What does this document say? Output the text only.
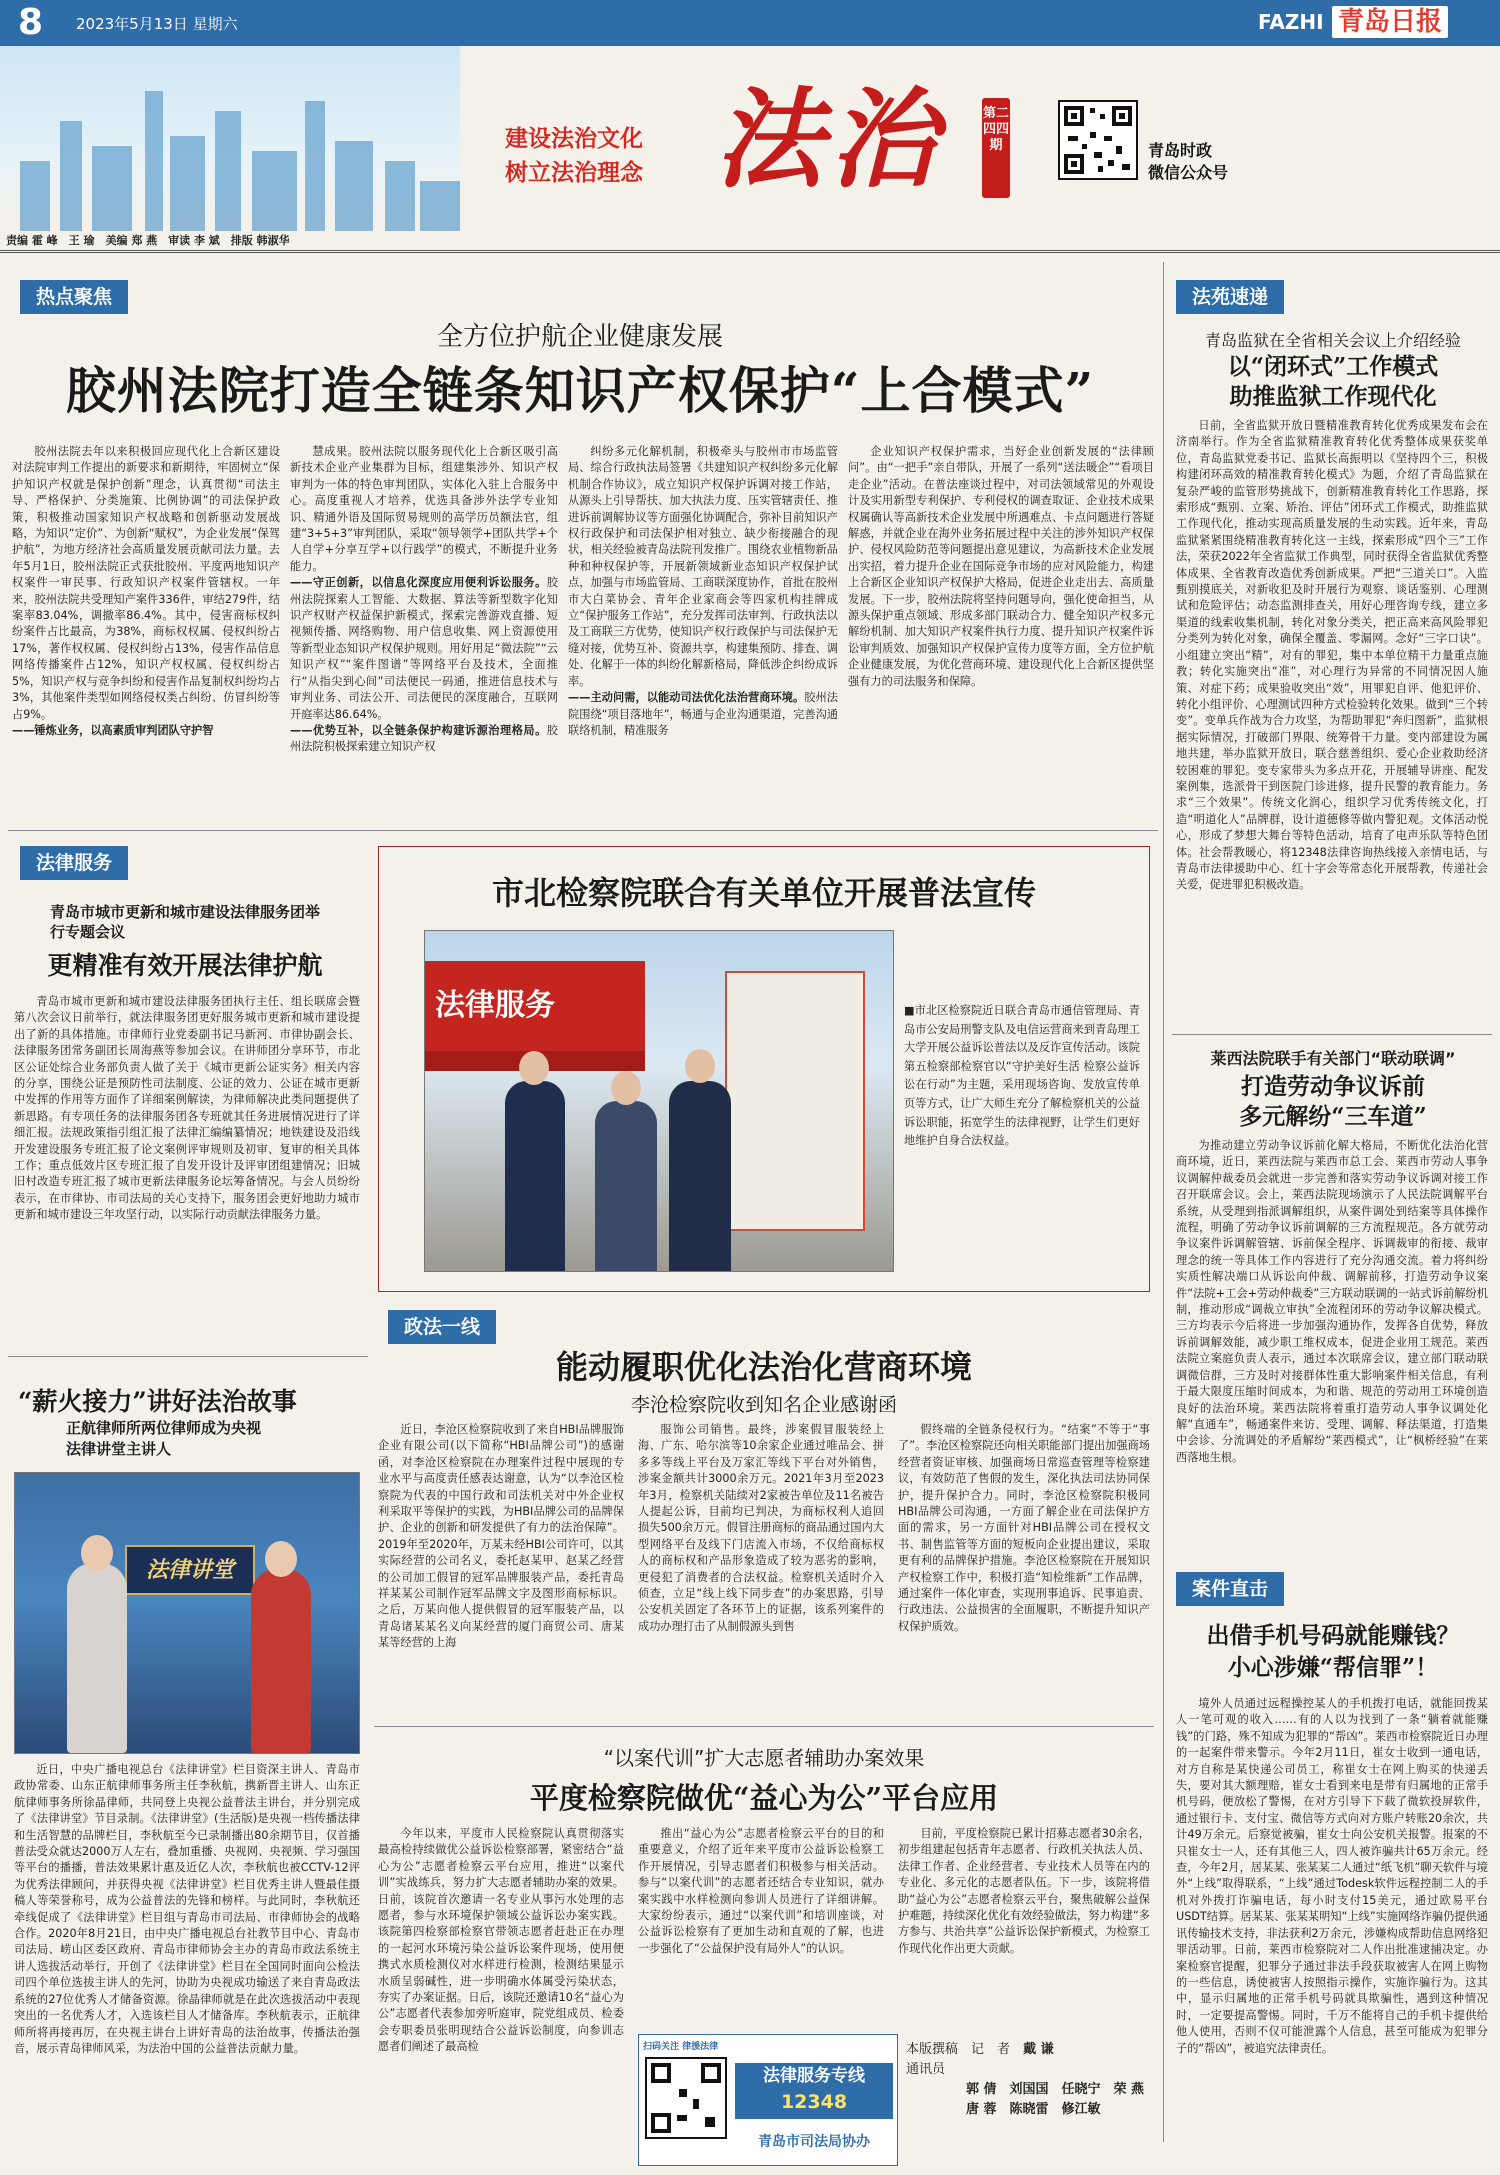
8 2023年5月13日 星期六	FAZHI 青岛日报
建设法治文化
树立法治理念 法治	第二四四期	青岛时政
微信公众号
责编 霍 峰　王 瑜　美编 郑 燕　审读 李 斌　排版 韩淑华
热点聚焦
全方位护航企业健康发展
胶州法院打造全链条知识产权保护“上合模式”
胶州法院去年以来积极回应现代化上合新区建设对法院审判工作提出的新要求和新期待，牢固树立“保护知识产权就是保护创新”理念，认真贯彻“司法主导、严格保护、分类施策、比例协调”的司法保护政策，积极推动国家知识产权战略和创新驱动发展战略，为知识“定价”、为创新“赋权”，为企业发展“保驾护航”，为地方经济社会高质量发展贡献司法力量。去年5月1日，胶州法院正式获批胶州、平度两地知识产权案件一审民事、行政知识产权案件管辖权。一年来，胶州法院共受理知产案件336件，审结279件，结案率83.04%，调撤率86.4%。其中，侵害商标权纠纷案件占比最高，为38%，商标权权属、侵权纠纷占17%，著作权权属、侵权纠纷占13%，侵害作品信息网络传播案件占12%，知识产权权属、侵权纠纷占5%，知识产权与竞争纠纷和侵害作品复制权纠纷均占3%，其他案件类型如网络侵权类占纠纷、仿冒纠纷等占9%。
——锤炼业务，以高素质审判团队守护智
慧成果。胶州法院以服务现代化上合新区吸引高新技术企业产业集群为目标，组建集涉外、知识产权审判为一体的特色审判团队，实体化入驻上合服务中心。高度重视人才培养，优选具备涉外法学专业知识、精通外语及国际贸易规则的高学历员额法官，组建“3+5+3”审判团队，采取“领导领学+团队共学+个人自学+分享互学+以行践学”的模式，不断提升业务能力。
——守正创新，以信息化深度应用便利诉讼服务。胶州法院探索人工智能、大数据、算法等新型数字化知识产权财产权益保护新模式，探索完善游戏直播、短视频传播、网络购物、用户信息收集、网上资源使用等新型业态知识产权保护规则。用好用足“微法院”“云知识产权”“案件图谱”等网络平台及技术，全面推行“从指尖到心间”司法便民一码通，推进信息技术与审判业务、司法公开、司法便民的深度融合，互联网开庭率达86.64%。
——优势互补，以全链条保护构建诉源治理格局。胶州法院积极探索建立知识产权
纠纷多元化解机制，积极牵头与胶州市市场监管局、综合行政执法局签署《共建知识产权纠纷多元化解机制合作协议》，成立知识产权保护诉调对接工作站，从源头上引导帮扶、加大执法力度、压实管辖责任、推进诉前调解协议等方面强化协调配合，弥补目前知识产权行政保护和司法保护相对独立、缺少衔接融合的现状，相关经验被青岛法院刊发推广。围绕农业植物新品种和种权保护等，开展新领域新业态知识产权保护试点，加强与市场监管局、工商联深度协作，首批在胶州市大白菜协会、青年企业家商会等四家机构挂牌成立“保护服务工作站”，充分发挥司法审判、行政执法以及工商联三方优势，使知识产权行政保护与司法保护无缝对接，优势互补、资源共享，构建集预防、排查、调处、化解于一体的纠纷化解新格局，降低涉企纠纷成诉率。
——主动问需，以能动司法优化法治营商环境。胶州法院围绕“项目落地年”，畅通与企业沟通渠道，完善沟通联络机制，精准服务
企业知识产权保护需求，当好企业创新发展的“法律顾问”。由“一把手”亲自带队，开展了一系列“送法暖企”“看项目 走企业”活动。在普法座谈过程中，对司法领域常见的外观设计及实用新型专利保护、专利侵权的调查取证、企业技术成果权属确认等高新技术企业发展中所遇难点、卡点问题进行答疑解惑，并就企业在海外业务拓展过程中关注的涉外知识产权保护、侵权风险防范等问题提出意见建议，为高新技术企业发展出实招，着力提升企业在国际竞争市场的应对风险能力，构建上合新区企业知识产权保护大格局，促进企业走出去、高质量发展。下一步，胶州法院将坚持问题导向，强化使命担当，从源头保护重点领域、形成多部门联动合力、健全知识产权多元解纷机制、加大知识产权案件执行力度、提升知识产权案件诉讼审判质效、加强知识产权保护宣传力度等方面，全方位护航企业健康发展，为优化营商环境、建设现代化上合新区提供坚强有力的司法服务和保障。
法苑速递
青岛监狱在全省相关会议上介绍经验
以“闭环式”工作模式
助推监狱工作现代化
日前，全省监狱开放日暨精准教育转化优秀成果发布会在济南举行。作为全省监狱精准教育转化优秀整体成果获奖单位，青岛监狱党委书记、监狱长高振明以《坚持四个三，积极构建闭环高效的精准教育转化模式》为题，介绍了青岛监狱在复杂严峻的监管形势挑战下，创新精准教育转化工作思路，探索形成“甄别、立案、矫治、评估”闭环式工作模式，助推监狱工作现代化，推动实现高质量发展的生动实践。近年来，青岛监狱紧紧围绕精准教育转化这一主线，探索形成“四个三”工作法，荣获2022年全省监狱工作典型，同时获得全省监狱优秀整体成果、全省教育改造优秀创新成果。严把“三道关口”。入监甄别摸底关，对新收犯及时开展行为观察、谈话鉴别、心理测试和危险评估；动态监测排查关，用好心理咨询专线，建立多渠道的线索收集机制，转化对象分类关，把正高来高风险罪犯分类列为转化对象，确保全覆盖、零漏网。念好“三字口诀”。小组建立突出“精”，对有的罪犯，集中本单位精干力量重点施教；转化实施突出“准”，对心理行为异常的不同情况因人施策、对症下药；成果验收突出“效”，用罪犯自评、他犯评价、转化小组评价、心理测试四种方式检验转化效果。做到“三个转变”。变单兵作战为合力攻坚，为帮助罪犯“奔归图新”，监狱根据实际情况，打破部门界限、统筹骨干力量。变内部建设为属地共建，举办监狱开放日，联合慈善组织、爱心企业救助经济较困难的罪犯。变专家带头为多点开花，开展辅导讲座、配发案例集，选派骨干到医院门诊进修，提升民警的教育能力。务求“三个效果”。传统文化润心，组织学习优秀传统文化，打造“明道化人”品牌群，设计道德修等做内警犯观。文体活动悦心，形成了梦想大舞台等特色活动，培育了电声乐队等特色团体。社会帮教暖心，将12348法律咨询热线接入亲情电话，与青岛市法律援助中心、红十字会等常态化开展帮教，传递社会关爱，促进罪犯积极改造。
莱西法院联手有关部门“联动联调”
打造劳动争议诉前
多元解纷“三车道”
为推动建立劳动争议诉前化解大格局，不断优化法治化营商环境，近日，莱西法院与莱西市总工会、莱西市劳动人事争议调解仲裁委员会就进一步完善和落实劳动争议诉调对接工作召开联席会议。会上，莱西法院现场演示了人民法院调解平台系统，从受理到指派调解组织，从案件调处到结案等具体操作流程，明确了劳动争议诉前调解的三方流程规范。各方就劳动争议案件诉调解管辖、诉前保全程序、诉调裁审的衔接、裁审理念的统一等具体工作内容进行了充分沟通交流。着力将纠纷实质性解决端口从诉讼向仲裁、调解前移，打造劳动争议案件“法院+工会+劳动仲裁委”三方联动联调的一站式诉前解纷机制，推动形成“调裁立审执”全流程闭环的劳动争议解决模式。三方均表示今后将进一步加强沟通协作，发挥各自优势，释放诉前调解效能，减少职工维权成本，促进企业用工规范。莱西法院立案庭负责人表示，通过本次联席会议，建立部门联动联调微信群，三方及时对接群体性重大影响案件相关信息，有利于最大限度压缩时间成本，为和谐、规范的劳动用工环境创造良好的法治环境。莱西法院将着重打造劳动人事争议调处化解“直通车”，畅通案件来访、受理、调解、释法渠道，打造集中会诊、分流调处的矛盾解纷“莱西模式”，让“枫桥经验”在莱西落地生根。
案件直击
出借手机号码就能赚钱？
小心涉嫌“帮信罪”！
境外人员通过远程操控某人的手机拨打电话，就能回拨某人一笔可观的收入……有的人以为找到了一条“躺着就能赚钱”的门路，殊不知成为犯罪的“帮凶”。莱西市检察院近日办理的一起案件带来警示。今年2月11日，崔女士收到一通电话，对方自称是某快递公司员工，称崔女士在网上购买的快递丢失，要对其大额理赔，崔女士看到来电是带有归属地的正常手机号码，便放松了警惕，在对方引导下下载了微软投屏软件，通过银行卡、支付宝、微信等方式向对方账户转账20余次，共计49万余元。后察觉被骗，崔女士向公安机关报警。报案的不只崔女士一人，还有其他三人，四人被诈骗共计65万余元。经查，今年2月，居某某、张某某二人通过“纸飞机”聊天软件与境外“上线”取得联系，“上线”通过Todesk软件远程控制二人的手机对外拨打诈骗电话，每小时支付15美元，通过欧易平台USDT结算。居某某、张某某明知“上线”实施网络诈骗仍提供通讯传输技术支持，非法获利2万余元，涉嫌构成帮助信息网络犯罪活动罪。日前，莱西市检察院对二人作出批准逮捕决定。办案检察官提醒，犯罪分子通过非法手段获取被害人在网上购物的一些信息，诱使被害人按照指示操作，实施诈骗行为。这其中，显示归属地的正常手机号码就具欺骗性，遇到这种情况时，一定要提高警惕。同时，千万不能将自己的手机卡提供给他人使用，否则不仅可能泄露个人信息，甚至可能成为犯罪分子的“帮凶”，被追究法律责任。
法律服务
青岛市城市更新和城市建设法律服务团举行专题会议
更精准有效开展法律护航
青岛市城市更新和城市建设法律服务团执行主任、组长联席会暨第八次会议日前举行，就法律服务团更好服务城市更新和城市建设提出了新的具体措施。市律师行业党委副书记马新河、市律协副会长、法律服务团常务副团长周海燕等参加会议。在讲师团分享环节，市北区公证处综合业务部负责人做了关于《城市更新公证实务》相关内容的分享，围绕公证是预防性司法制度、公证的效力、公证在城市更新中发挥的作用等方面作了详细案例解读，为律师解决此类问题提供了新思路。有专项任务的法律服务团各专班就其任务进展情况进行了详细汇报。法规政策指引组汇报了法律汇编编纂情况；地铁建设及沿线开发建设服务专班汇报了论文案例评审规则及初审、复审的相关具体工作；重点低效片区专班汇报了自发开设计及评审团组建情况；旧城旧村改造专班汇报了城市更新法律服务论坛筹备情况。与会人员纷纷表示，在市律协、市司法局的关心支持下，服务团会更好地助力城市更新和城市建设三年攻坚行动，以实际行动贡献法律服务力量。
“薪火接力”讲好法治故事
正航律师所两位律师成为央视
法律讲堂主讲人
法律讲堂
近日，中央广播电视总台《法律讲堂》栏目资深主讲人、青岛市政协常委、山东正航律师事务所主任李秋航，携新晋主讲人、山东正航律师事务所徐晶律师，共同登上央视公益普法主讲台，并分别完成了《法律讲堂》节目录制。《法律讲堂》(生活版)是央视一档传播法律和生活智慧的品牌栏目，李秋航至今已录制播出80余期节目，仅首播普法受众就达2000万人左右，叠加重播、央视网、央视频、学习强国等平台的播播，普法效果累计惠及近亿人次，李秋航也被CCTV-12评为优秀法律顾问，并获得央视《法律讲堂》栏目优秀主讲人暨最佳摄稿人等荣誉称号，成为公益普法的先锋和榜样。与此同时，李秋航还牵线促成了《法律讲堂》栏目组与青岛市司法局、市律师协会的战略合作。2020年8月21日，由中央广播电视总台社教节目中心、青岛市司法局、崂山区委区政府、青岛市律师协会主办的青岛市政法系统主讲人选拔活动举行，开创了《法律讲堂》栏目在全国同时面向公检法司四个单位选拔主讲人的先河，协助为央视成功输送了来自青岛政法系统的27位优秀人才储备资源。徐晶律师就是在此次选拔活动中表现突出的一名优秀人才，入选该栏目人才储备库。李秋航表示，正航律师所将再接再厉，在央视主讲台上讲好青岛的法治故事，传播法治强音，展示青岛律师风采，为法治中国的公益普法贡献力量。
市北检察院联合有关单位开展普法宣传
法律服务	■市北区检察院近日联合青岛市通信管理局、青岛市公安局刑警支队及电信运营商来到青岛理工大学开展公益诉讼普法以及反诈宣传活动。该院第五检察部检察官以“守护美好生活 检察公益诉讼在行动”为主题，采用现场咨询、发放宣传单页等方式，让广大师生充分了解检察机关的公益诉讼职能，拓宽学生的法律视野，让学生们更好地维护自身合法权益。
政法一线
能动履职优化法治化营商环境
李沧检察院收到知名企业感谢函
近日，李沧区检察院收到了来自HBI品牌服饰企业有限公司(以下简称“HBI品牌公司”)的感谢函，对李沧区检察院在办理案件过程中展现的专业水平与高度责任感表达谢意，认为“以李沧区检察院为代表的中国行政和司法机关对中外企业权利采取平等保护的实践，为HBI品牌公司的品牌保护、企业的创新和研发提供了有力的法治保障”。2019年至2020年，万某未经HBI公司许可，以其实际经营的公司名义，委托赵某甲、赵某乙经营的公司加工假冒的冠军品牌服装产品，委托青岛祥某某公司制作冠军品牌文字及图形商标标识。之后，万某向他人提供假冒的冠军服装产品，以青岛诸某某名义向某经营的厦门商贸公司、唐某某等经营的上海
服饰公司销售。最终，涉案假冒服装经上海、广东、哈尔滨等10余家企业通过唯品会、拼多多等线上平台及万家汇等线下平台对外销售，涉案金额共计3000余万元。2021年3月至2023年3月，检察机关陆续对2家被告单位及11名被告人提起公诉，目前均已判决，为商标权利人追回损失500余万元。假冒注册商标的商品通过国内大型网络平台及线下门店流入市场，不仅给商标权人的商标权和产品形象造成了较为恶劣的影响，更侵犯了消费者的合法权益。检察机关适时介入侦查，立足“线上线下同步查”的办案思路，引导公安机关固定了各环节上的证据，该系列案件的成功办理打击了从制假源头到售
假终端的全链条侵权行为。“结案”不等于“事了”。李沧区检察院还向相关职能部门提出加强商场经营者资证审核、加强商场日常巡查管理等检察建议，有效防范了售假的发生，深化执法司法协同保护，提升保护合力。同时，李沧区检察院积极同HBI品牌公司沟通，一方面了解企业在司法保护方面的需求，另一方面针对HBI品牌公司在授权文书、制售监管等方面的短板向企业提出建议，采取更有利的品牌保护措施。李沧区检察院在开展知识产权检察工作中，积极打造“知检维新”工作品牌，通过案件一体化审查，实现刑事追诉、民事追责、行政违法、公益损害的全面履职，不断提升知识产权保护质效。
“以案代训”扩大志愿者辅助办案效果
平度检察院做优“益心为公”平台应用
今年以来，平度市人民检察院认真贯彻落实最高检持续做优公益诉讼检察部署，紧密结合“益心为公”志愿者检察云平台应用，推进“以案代训”实战练兵，努力扩大志愿者辅助办案的效果。日前，该院首次邀请一名专业从事污水处理的志愿者，参与水环境保护领域公益诉讼办案实践。该院第四检察部检察官带领志愿者赶赴正在办理的一起河水环境污染公益诉讼案件现场，使用便携式水质检测仪对水样进行检测，检测结果显示水质呈弱碱性，进一步明确水体属受污染状态，夯实了办案证据。日后，该院还邀请10名“益心为公”志愿者代表参加旁听庭审，院党组成员、检委会专职委员张明现结合公益诉讼制度，向参训志愿者们阐述了最高检
推出“益心为公”志愿者检察云平台的目的和重要意义，介绍了近年来平度市公益诉讼检察工作开展情况，引导志愿者们积极参与相关活动。参与“以案代训”的志愿者还结合专业知识，就办案实践中水样检测向参训人员进行了详细讲解。大家纷纷表示，通过“以案代训”和培训座谈，对公益诉讼检察有了更加生动和直观的了解，也进一步强化了“公益保护没有局外人”的认识。
目前，平度检察院已累计招募志愿者30余名，初步组建起包括青年志愿者、行政机关执法人员、法律工作者、企业经营者、专业技术人员等在内的专业化、多元化的志愿者队伍。下一步，该院将借助“益心为公”志愿者检察云平台，聚焦破解公益保护难题，持续深化优化有效经验做法，努力构建“多方参与、共治共享”公益诉讼保护新模式，为检察工作现代化作出更大贡献。
扫码关注 律援法律
法律服务专线
12348
青岛市司法局协办
本版撰稿　 记　者　 戴 谦
通讯员
郭 倩　刘国国　任晓宁　荣 燕　唐 蓉　陈晓雷　修江敏
